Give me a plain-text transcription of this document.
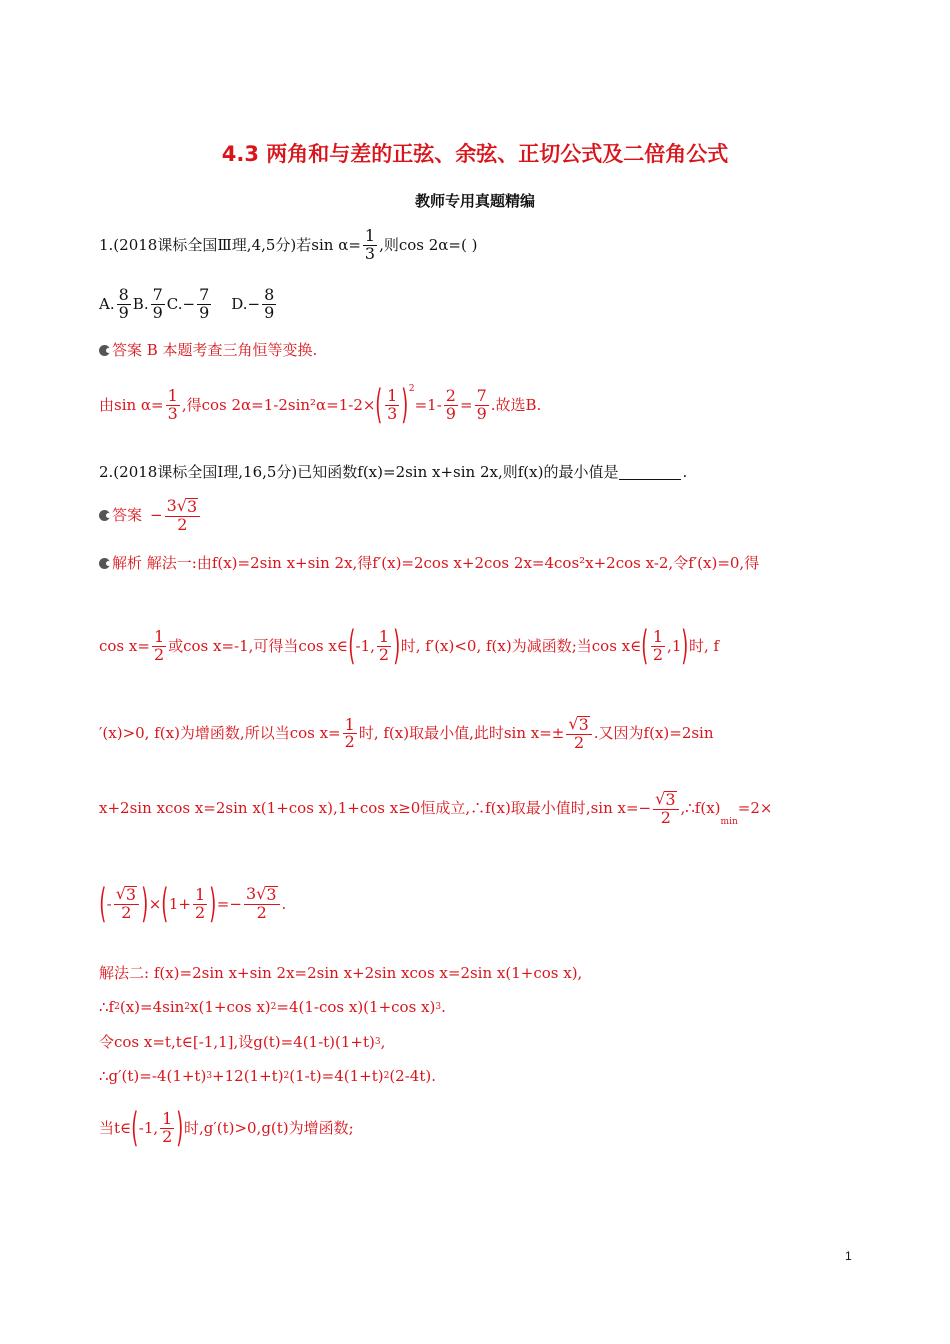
4.3 两角和与差的正弦、余弦、正切公式及二倍角公式
教师专用真题精编
1.(2018课标全国Ⅲ理,4,5分)若$\sin \alpha= \frac{1}{3}$ ,则cos 2α=( )
A. $\frac{8}{9} B$. $\frac{7}{9} C.- \frac{7}{9} D.- \frac{8}{9}$
答案 B 本题考查三角恒等变换.
由$\sin \alpha= \frac{1}{3}$ ,得cos 2α=1-2sin²α=1-2× ( $\frac{1}{3}$ ) 2
$=1- \frac{2}{9} = \frac{7}{9}$ .故选B.
2.(2018课标全国Ⅰ理,16,5分)已知函数f(x)=2sin x+sin 2x,则f(x)的最小值是	.
答案 − $\frac{3√ 3}{2}$
解析 解法一:由f(x)=2sin x+sin 2x,得f′(x)=2cos x+2cos 2x=4cos²x+2cos x-2,令f′(x)=0,得
$\cos x= \frac{1}{2}$ 或cos x=-1,可得当cos x∈ ( -1, $\frac{1}{2}$ ) 时, f′(x)<0, f(x)为减函数;当cos x∈ ( $\frac{1}{2} ,1$ ) 时, f
′(x)>0, f(x)为增函数,所以当$\cos x= \frac{1}{2}$ 时, f(x)取最小值,此时$\sin x=\pm \frac{√ 3}{2}$ .又因为f(x)=2sin
x+2sin xcos x=2sin x(1+cos x),1+cos x≥0恒成立,∴f(x)取最小值时,sin $x=- \frac{√ 3}{2}$ ,∴f(x)
min
=2×
( - $\frac{√ 3}{2}$ ) × ( $1+ \frac{1}{2}$ ) =− $\frac{3√ 3}{2}$ .
解法二: f(x)=2sin x+sin 2x=2sin x+2sin xcos x=2sin x(1+cos x),
∴f 2 (x)=4sin 2 x(1+cos x) 2 =4(1-cos x)(1+cos x) 3 .
令cos x=t,t∈[-1,1],设g(t)=4(1-t)(1+t) 3 ,
∴g′(t)=-4(1+t) 3 +12(1+t) 2 (1-t)=4(1+t) 2 (2-4t).
当t∈ ( -1, $\frac{1}{2}$ ) 时,g′(t)>0,g(t)为增函数;
1
